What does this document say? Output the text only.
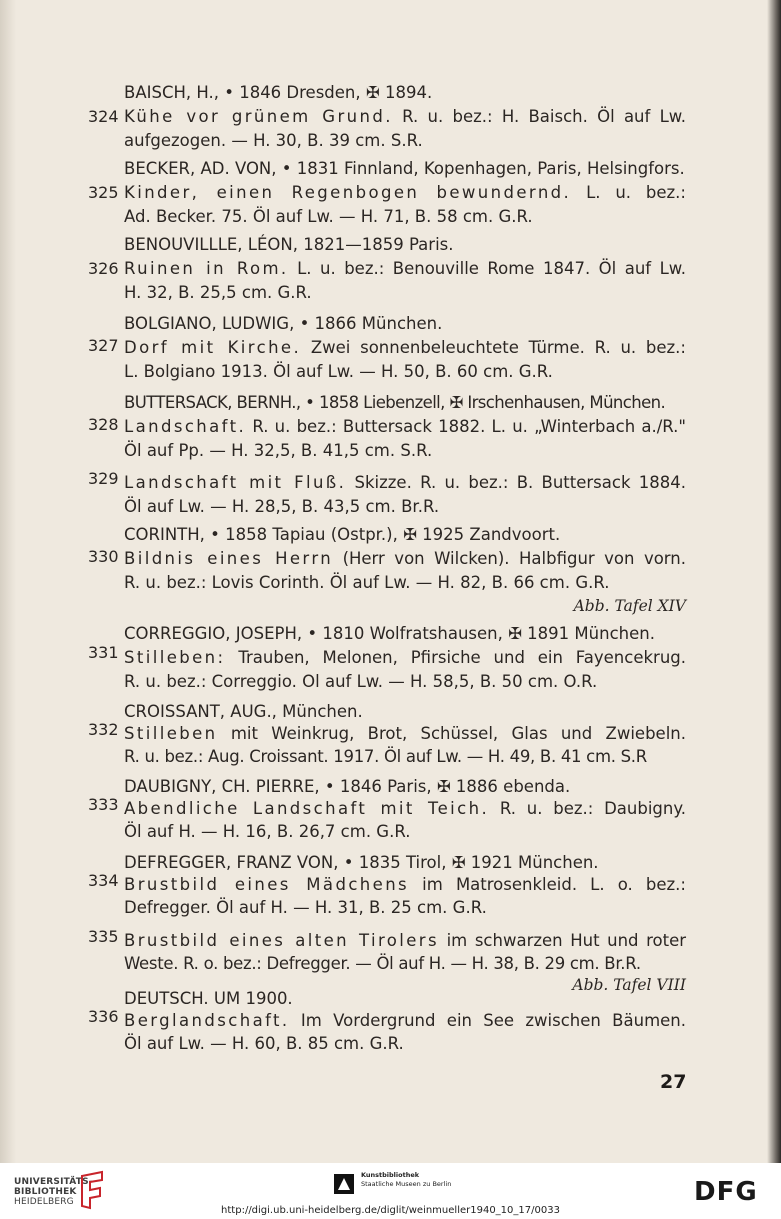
BAISCH, H., • 1846 Dresden, ✠ 1894.
324 Kühe vor grünem Grund. R. u. bez.: H. Baisch. Öl auf Lw.
aufgezogen. — H. 30, B. 39 cm. S.R.
BECKER, AD. VON, • 1831 Finnland, Kopenhagen, Paris, Helsingfors.
325 Kinder, einen Regenbogen bewundernd. L. u. bez.:
Ad. Becker. 75. Öl auf Lw. — H. 71, B. 58 cm. G.R.
BENOUVILLLE, LÉON, 1821—1859 Paris.
326 Ruinen in Rom. L. u. bez.: Benouville Rome 1847. Öl auf Lw.
H. 32, B. 25,5 cm. G.R.
BOLGIANO, LUDWIG, • 1866 München.
327 Dorf mit Kirche. Zwei sonnenbeleuchtete Türme. R. u. bez.:
L. Bolgiano 1913. Öl auf Lw. — H. 50, B. 60 cm. G.R.
BUTTERSACK, BERNH., • 1858 Liebenzell, ✠ Irschenhausen, München.
328 Landschaft. R. u. bez.: Buttersack 1882. L. u. „Winterbach a./R."
Öl auf Pp. — H. 32,5, B. 41,5 cm. S.R.
329 Landschaft mit Fluß. Skizze. R. u. bez.: B. Buttersack 1884.
Öl auf Lw. — H. 28,5, B. 43,5 cm. Br.R.
CORINTH, • 1858 Tapiau (Ostpr.), ✠ 1925 Zandvoort.
330 Bildnis eines Herrn (Herr von Wilcken). Halbfigur von vorn.
R. u. bez.: Lovis Corinth. Öl auf Lw. — H. 82, B. 66 cm. G.R.
Abb. Tafel XIV
CORREGGIO, JOSEPH, • 1810 Wolfratshausen, ✠ 1891 München.
331 Stilleben: Trauben, Melonen, Pfirsiche und ein Fayencekrug.
R. u. bez.: Correggio. Ol auf Lw. — H. 58,5, B. 50 cm. O.R.
CROISSANT, AUG., München.
332 Stilleben mit Weinkrug, Brot, Schüssel, Glas und Zwiebeln.
R. u. bez.: Aug. Croissant. 1917. Öl auf Lw. — H. 49, B. 41 cm. S.R
DAUBIGNY, CH. PIERRE, • 1846 Paris, ✠ 1886 ebenda.
333 Abendliche Landschaft mit Teich. R. u. bez.: Daubigny.
Öl auf H. — H. 16, B. 26,7 cm. G.R.
DEFREGGER, FRANZ VON, • 1835 Tirol, ✠ 1921 München.
334 Brustbild eines Mädchens im Matrosenkleid. L. o. bez.:
Defregger. Öl auf H. — H. 31, B. 25 cm. G.R.
335 Brustbild eines alten Tirolers im schwarzen Hut und roter
Weste. R. o. bez.: Defregger. — Öl auf H. — H. 38, B. 29 cm. Br.R.
Abb. Tafel VIII
DEUTSCH. UM 1900.
336 Berglandschaft. Im Vordergrund ein See zwischen Bäumen.
Öl auf Lw. — H. 60, B. 85 cm. G.R.
27
UNIVERSITÄTS-
BIBLIOTHEK
HEIDELBERG
Kunstbibliothek
Staatliche Museen zu Berlin	DFG
http://digi.ub.uni-heidelberg.de/diglit/weinmueller1940_10_17/0033
